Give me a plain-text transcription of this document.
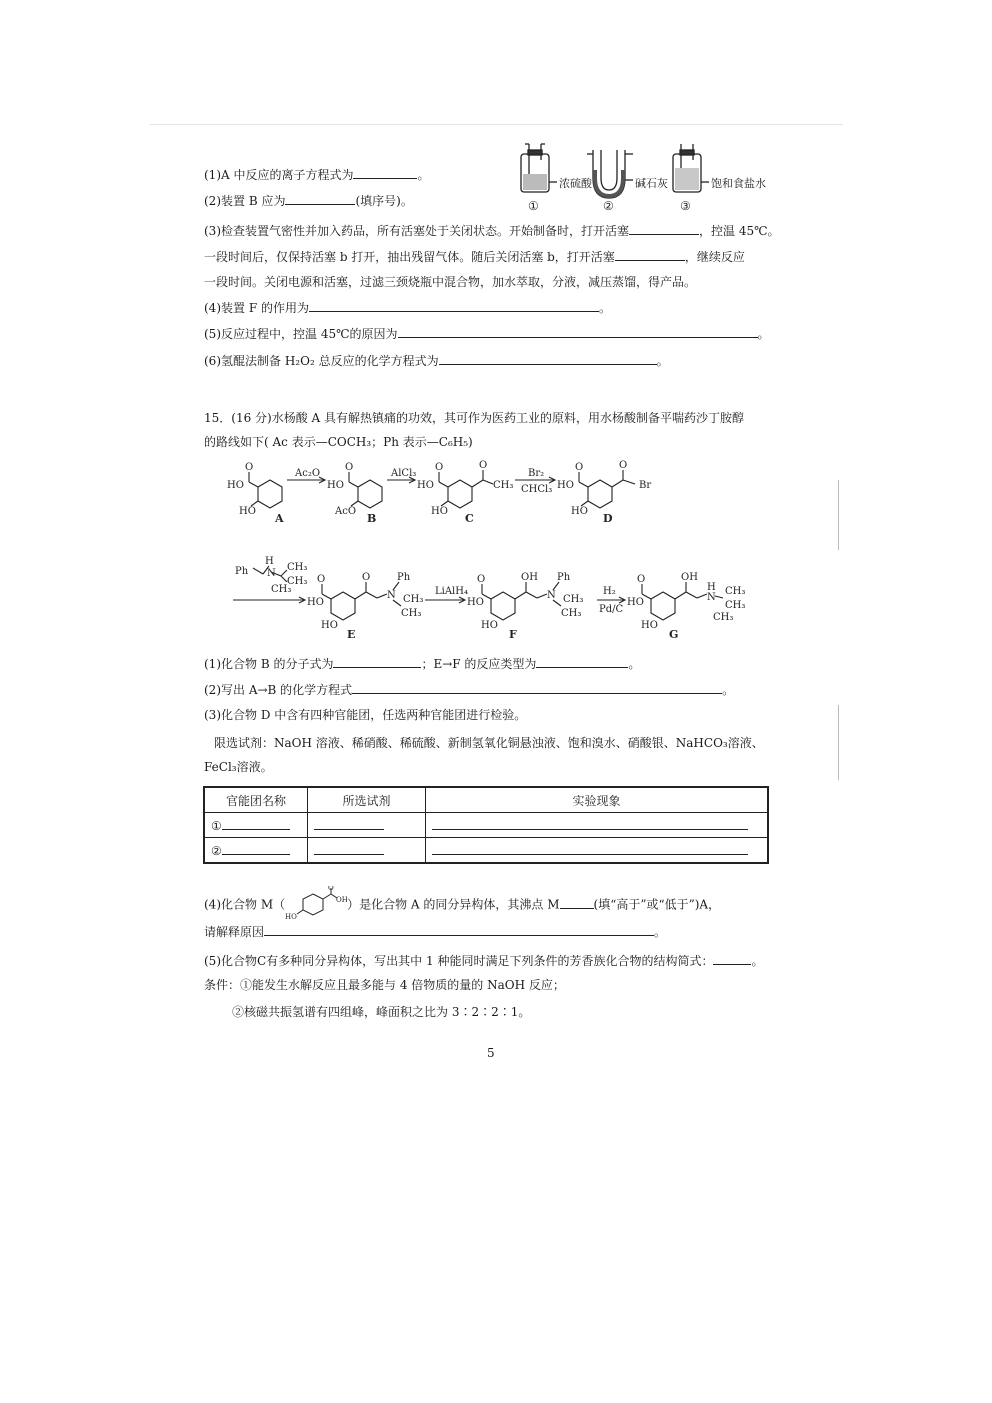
(1)A 中反应的离子方程式为	。
(2)装置 B 应为	(填序号)。
浓硫酸	碱石灰	饱和食盐水
①	②	③
(3)检查装置气密性并加入药品，所有活塞处于关闭状态。开始制备时，打开活塞	，控温 45℃。
一段时间后，仅保持活塞 b 打开，抽出残留气体。随后关闭活塞 b，打开活塞	，继续反应
一段时间。关闭电源和活塞，过滤三颈烧瓶中混合物，加水萃取，分液，减压蒸馏，得产品。
(4)装置 F 的作用为	。
(5)反应过程中，控温 45℃的原因为	。
(6)氢醌法制备 H₂O₂ 总反应的化学方程式为	。
15．(16 分)水杨酸 A 具有解热镇痛的功效，其可作为医药工业的原料，用水杨酸制备平喘药沙丁胺醇
的路线如下( Ac 表示—COCH₃；Ph 表示—C₆H₅)
O
HO
HO
Ac₂O
O
HO
AcO
AlCl₃
O
HO
HO
O
CH₃
Br₂
CHCl₃
O
HO
HO
O
Br
A	B	C	D
Ph
H
N
CH₃
CH₃
CH₃
O
HO
HO
O
N
Ph
CH₃
CH₃
LiAlH₄
O
HO
HO
OH
N
Ph
CH₃
CH₃
H₂
Pd/C
O
HO
HO
OH
H
N
CH₃
CH₃
CH₃
E	F	G
(1)化合物 B 的分子式为	；E→F 的反应类型为	。
(2)写出 A→B 的化学方程式	。
(3)化合物 D 中含有四种官能团，任选两种官能团进行检验。
限选试剂：NaOH 溶液、稀硝酸、稀硫酸、新制氢氧化铜悬浊液、饱和溴水、硝酸银、NaHCO₃溶液、
FeCl₃溶液。
官能团名称	所选试剂	实验现象
①		
②		
(4)化合物 M（
O
OH
HO
）是化合物 A 的同分异构体，其沸点 M	(填“高于”或“低于”)A，
请解释原因	。
(5)化合物C有多种同分异构体，写出其中 1 种能同时满足下列条件的芳香族化合物的结构简式：	。
条件：①能发生水解反应且最多能与 4 倍物质的量的 NaOH 反应；
②核磁共振氢谱有四组峰，峰面积之比为 3∶2∶2∶1。
5
